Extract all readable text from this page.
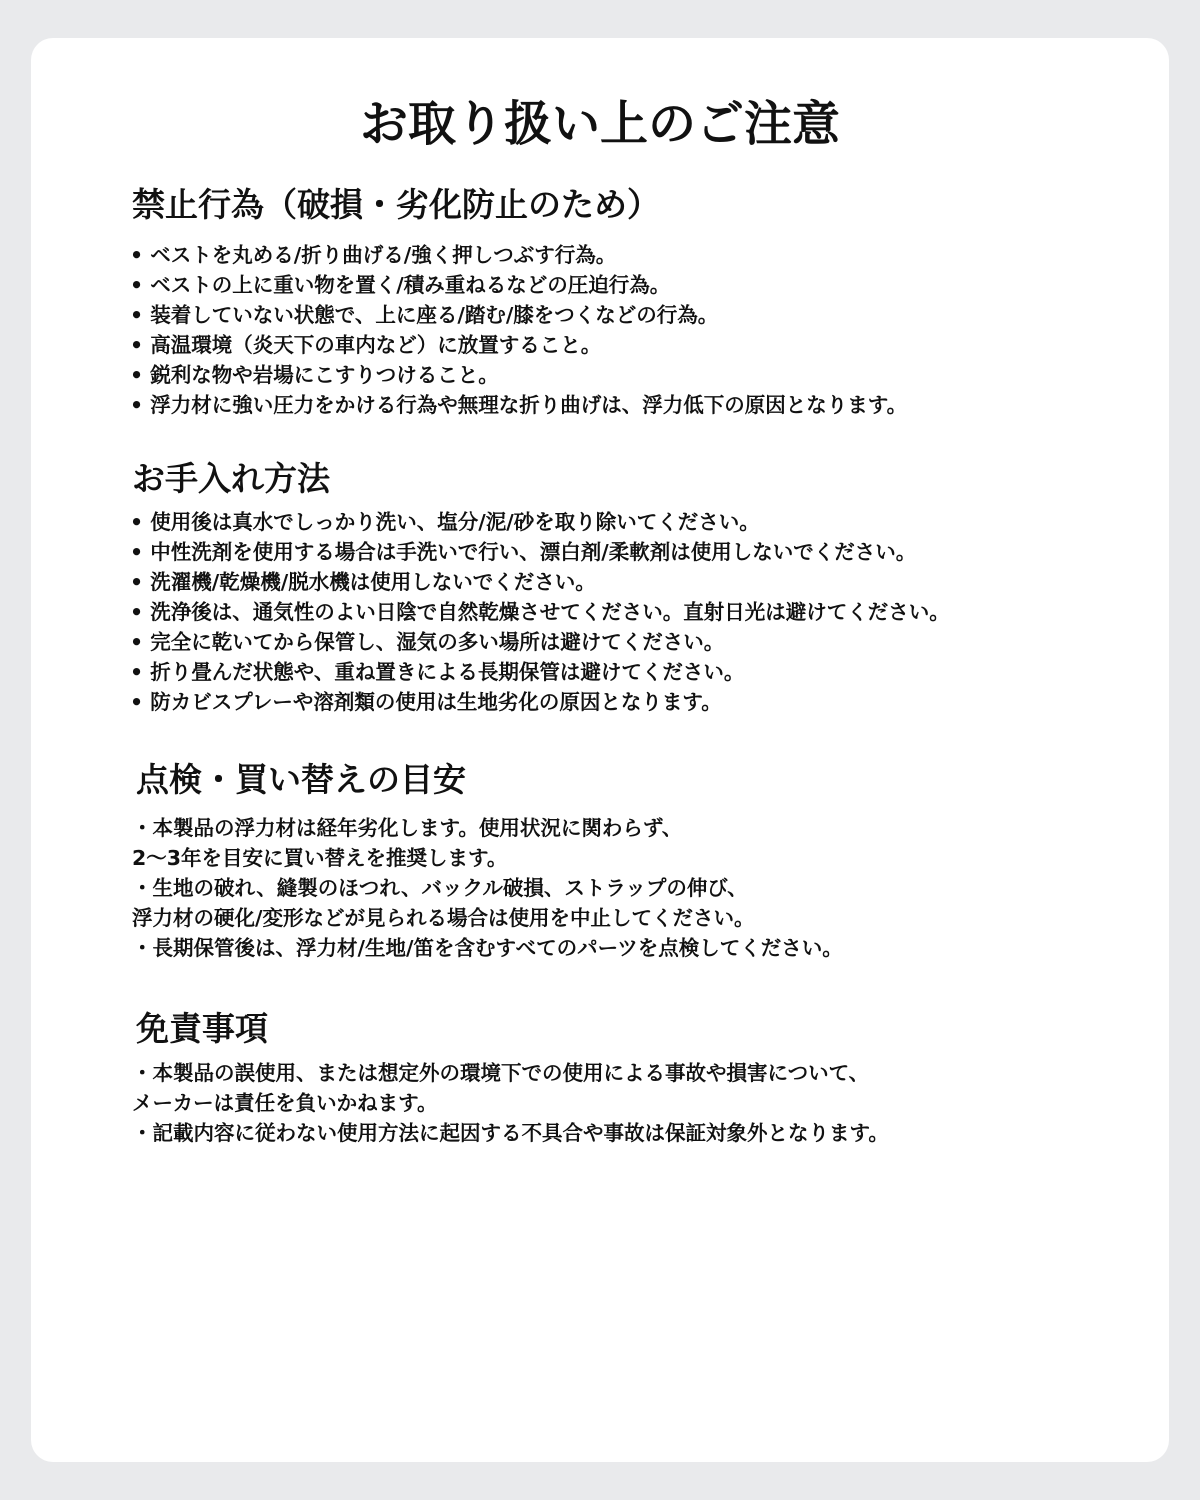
お取り扱い上のご注意
禁止行為（破損・劣化防止のため）
• ベストを丸める/折り曲げる/強く押しつぶす行為。
• ベストの上に重い物を置く/積み重ねるなどの圧迫行為。
• 装着していない状態で、上に座る/踏む/膝をつくなどの行為。
• 高温環境（炎天下の車内など）に放置すること。
• 鋭利な物や岩場にこすりつけること。
• 浮力材に強い圧力をかける行為や無理な折り曲げは、浮力低下の原因となります。
お手入れ方法
• 使用後は真水でしっかり洗い、塩分/泥/砂を取り除いてください。
• 中性洗剤を使用する場合は手洗いで行い、漂白剤/柔軟剤は使用しないでください。
• 洗濯機/乾燥機/脱水機は使用しないでください。
• 洗浄後は、通気性のよい日陰で自然乾燥させてください。直射日光は避けてください。
• 完全に乾いてから保管し、湿気の多い場所は避けてください。
• 折り畳んだ状態や、重ね置きによる長期保管は避けてください。
• 防カビスプレーや溶剤類の使用は生地劣化の原因となります。
点検・買い替えの目安
・本製品の浮力材は経年劣化します。使用状況に関わらず、
2〜3年を目安に買い替えを推奨します。
・生地の破れ、縫製のほつれ、バックル破損、ストラップの伸び、
浮力材の硬化/変形などが見られる場合は使用を中止してください。
・長期保管後は、浮力材/生地/笛を含むすべてのパーツを点検してください。
免責事項
・本製品の誤使用、または想定外の環境下での使用による事故や損害について、
メーカーは責任を負いかねます。
・記載内容に従わない使用方法に起因する不具合や事故は保証対象外となります。
